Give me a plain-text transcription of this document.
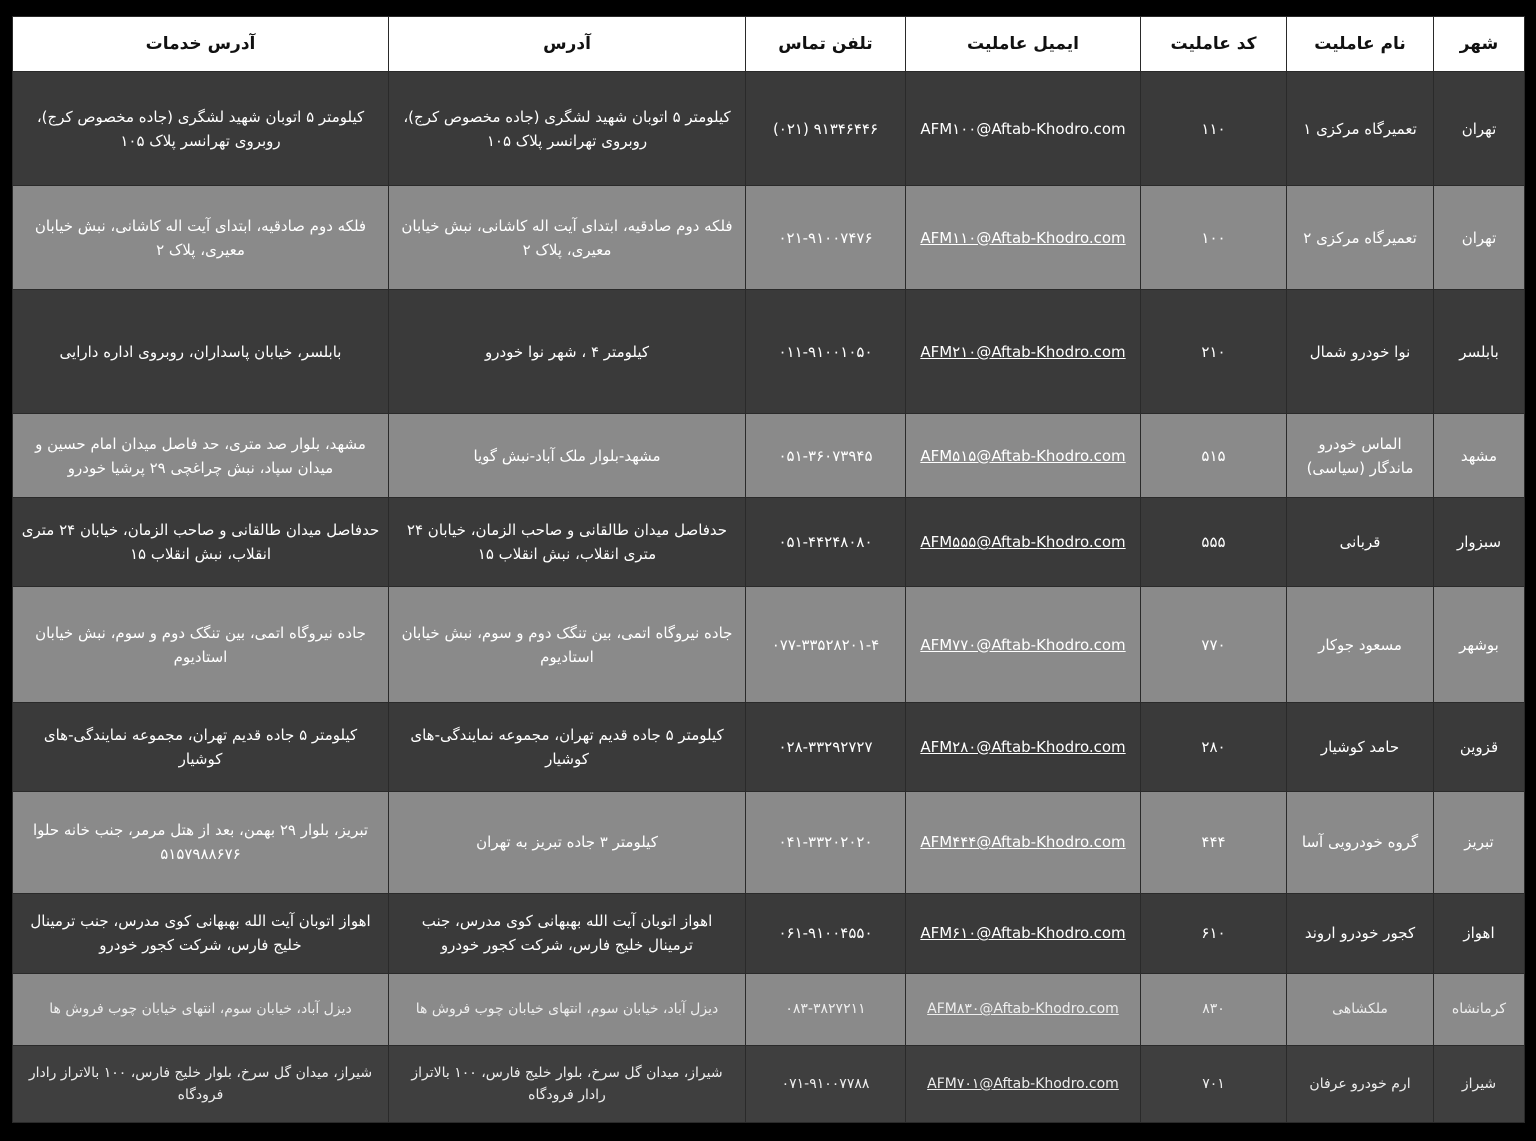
شهر	نام عاملیت	کد عاملیت	ایمیل عاملیت	تلفن تماس	آدرس	آدرس خدمات
تهران	تعمیرگاه مرکزی ۱	۱۱۰	AFM۱۰۰@Aftab-Khodro.com	(۰۲۱) ۹۱۳۴۶۴۴۶	کیلومتر ۵ اتوبان شهید لشگری (جاده مخصوص کرج)، روبروی تهرانسر پلاک ۱۰۵	کیلومتر ۵ اتوبان شهید لشگری (جاده مخصوص کرج)، روبروی تهرانسر پلاک ۱۰۵
تهران	تعمیرگاه مرکزی ۲	۱۰۰	AFM۱۱۰@Aftab-Khodro.com	۰۲۱-۹۱۰۰۷۴۷۶	فلکه دوم صادقیه، ابتدای آیت اله کاشانی، نبش خیابان معیری، پلاک ۲	فلکه دوم صادقیه، ابتدای آیت اله کاشانی، نبش خیابان معیری، پلاک ۲
بابلسر	نوا خودرو شمال	۲۱۰	AFM۲۱۰@Aftab-Khodro.com	۰۱۱-۹۱۰۰۱۰۵۰	کیلومتر ۴ ، شهر نوا خودرو	بابلسر، خیابان پاسداران، روبروی اداره دارایی
مشهد	الماس خودرو ماندگار (سیاسی)	۵۱۵	AFM۵۱۵@Aftab-Khodro.com	۰۵۱-۳۶۰۷۳۹۴۵	مشهد-بلوار ملک آباد-نبش گویا	مشهد، بلوار صد متری، حد فاصل میدان امام حسین و میدان سپاد، نبش چراغچی ۲۹ پرشیا خودرو
سبزوار	قربانی	۵۵۵	AFM۵۵۵@Aftab-Khodro.com	۰۵۱-۴۴۲۴۸۰۸۰	حدفاصل میدان طالقانی و صاحب الزمان، خیابان ۲۴ متری انقلاب، نبش انقلاب ۱۵	حدفاصل میدان طالقانی و صاحب الزمان، خیابان ۲۴ متری انقلاب، نبش انقلاب ۱۵
بوشهر	مسعود جوکار	۷۷۰	AFM۷۷۰@Aftab-Khodro.com	۰۷۷-۳۳۵۲۸۲۰۱-۴	جاده نیروگاه اتمی، بین تنگک دوم و سوم، نبش خیابان استادیوم	جاده نیروگاه اتمی، بین تنگک دوم و سوم، نبش خیابان استادیوم
قزوین	حامد کوشیار	۲۸۰	AFM۲۸۰@Aftab-Khodro.com	۰۲۸-۳۳۲۹۲۷۲۷	کیلومتر ۵ جاده قدیم تهران، مجموعه نمایندگی-های کوشیار	کیلومتر ۵ جاده قدیم تهران، مجموعه نمایندگی-های کوشیار
تبریز	گروه خودرویی آسا	۴۴۴	AFM۴۴۴@Aftab-Khodro.com	۰۴۱-۳۳۲۰۲۰۲۰	کیلومتر ۳ جاده تبریز به تهران	تبریز، بلوار ۲۹ بهمن، بعد از هتل مرمر، جنب خانه حلوا ۵۱۵۷۹۸۸۶۷۶
اهواز	کجور خودرو اروند	۶۱۰	AFM۶۱۰@Aftab-Khodro.com	۰۶۱-۹۱۰۰۴۵۵۰	اهواز اتوبان آیت الله بهبهانی کوی مدرس، جنب ترمینال خلیج فارس، شرکت کجور خودرو	اهواز اتوبان آیت الله بهبهانی کوی مدرس، جنب ترمینال خلیج فارس، شرکت کجور خودرو
کرمانشاه	ملکشاهی	۸۳۰	AFM۸۳۰@Aftab-Khodro.com	۰۸۳-۳۸۲۷۲۱۱	دیزل آباد، خیابان سوم، انتهای خیابان چوب فروش ها	دیزل آباد، خیابان سوم، انتهای خیابان چوب فروش ها
شیراز	ارم خودرو عرفان	۷۰۱	AFM۷۰۱@Aftab-Khodro.com	۰۷۱-۹۱۰۰۷۷۸۸	شیراز، میدان گل سرخ، بلوار خلیج فارس، ۱۰۰ بالاتراز رادار فرودگاه	شیراز، میدان گل سرخ، بلوار خلیج فارس، ۱۰۰ بالاتراز رادار فرودگاه
